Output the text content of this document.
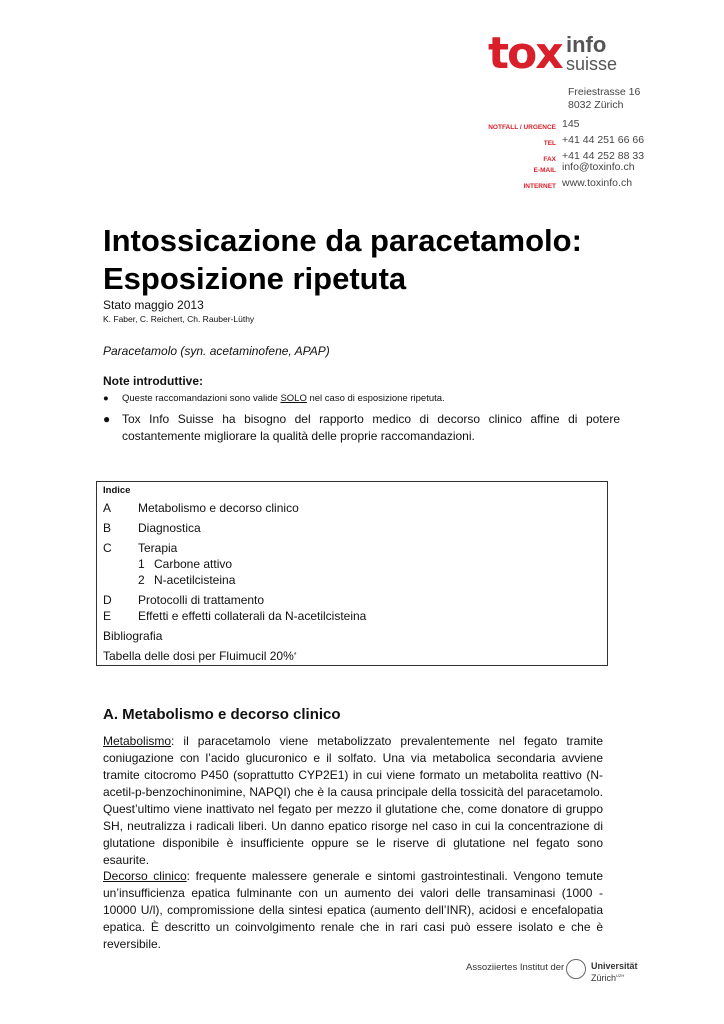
tox info
suisse
Freiestrasse 16
8032 Zürich
NOTFALL / URGENCE 145
TEL +41 44 251 66 66
FAX +41 44 252 88 33
E-MAIL info@toxinfo.ch
INTERNET www.toxinfo.ch
Intossicazione da paracetamolo:
Esposizione ripetuta
Stato maggio 2013
K. Faber, C. Reichert, Ch. Rauber-Lüthy
Paracetamolo (syn. acetaminofene, APAP)
Note introduttive:
● Queste raccomandazioni sono valide SOLO nel caso di esposizione ripetuta.
● Tox Info Suisse ha bisogno del rapporto medico di decorso clinico affine di potere costantemente migliorare la qualità delle proprie raccomandazioni.
Indice
A	Metabolismo e decorso clinico
B	Diagnostica
C	Terapia
1 Carbone attivo
2 N-acetilcisteina
D	Protocolli di trattamento
E	Effetti e effetti collaterali da N-acetilcisteina
Bibliografia
Tabella delle dosi per Fluimucil 20% *
A. Metabolismo e decorso clinico
Metabolismo: il paracetamolo viene metabolizzato prevalentemente nel fegato tramite coniugazione con l’acido glucuronico e il solfato. Una via metabolica secondaria avviene tramite citocromo P450 (soprattutto CYP2E1) in cui viene formato un metabolita reattivo (N-acetil-p-benzochinonimine, NAPQI) che è la causa principale della tossicità del paracetamolo. Quest’ultimo viene inattivato nel fegato per mezzo il glutatione che, come donatore di gruppo SH, neutralizza i radicali liberi. Un danno epatico risorge nel caso in cui la concentrazione di glutatione disponibile è insufficiente oppure se le riserve di glutatione nel fegato sono esaurite.
Decorso clinico: frequente malessere generale e sintomi gastrointestinali. Vengono temute un’insufficienza epatica fulminante con un aumento dei valori delle transaminasi (1000 - 10000 U/l), compromissione della sintesi epatica (aumento dell’INR), acidosi e encefalopatia epatica. È descritto un coinvolgimento renale che in rari casi può essere isolato e che è reversibile.
Assoziiertes Institut der	Universität
Zürich$^{UZH}$
